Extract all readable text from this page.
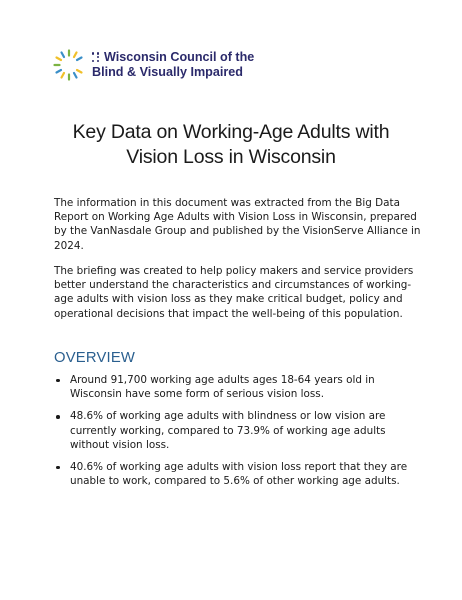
Wisconsin Council of the
Blind & Visually Impaired
Key Data on Working-Age Adults with
Vision Loss in Wisconsin

The information in this document was extracted from the Big Data Report on Working Age Adults with Vision Loss in Wisconsin, prepared by the VanNasdale Group and published by the VisionServe Alliance in 2024.

The briefing was created to help policy makers and service providers better understand the characteristics and circumstances of working-age adults with vision loss as they make critical budget, policy and operational decisions that impact the well-being of this population.

OVERVIEW
Around 91,700 working age adults ages 18-64 years old in Wisconsin have some form of serious vision loss.
48.6% of working age adults with blindness or low vision are currently working, compared to 73.9% of working age adults without vision loss.
40.6% of working age adults with vision loss report that they are unable to work, compared to 5.6% of other working age adults.
